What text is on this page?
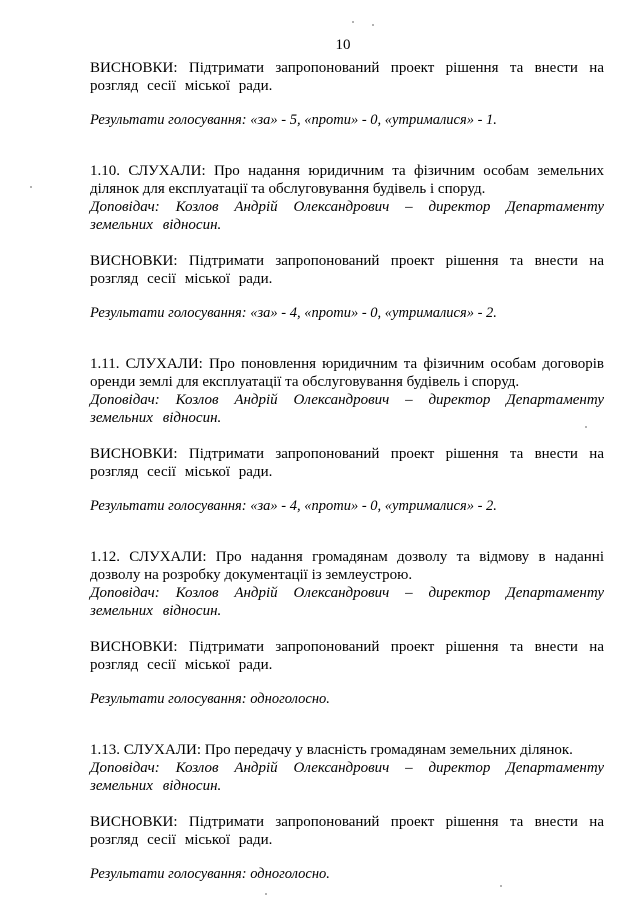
10

ВИСНОВКИ: Підтримати запропонований проект рішення та внести на розгляд сесії міської ради.

Результати голосування: «за» - 5, «проти» - 0, «утрималися» - 1.

1.10. СЛУХАЛИ: Про надання юридичним та фізичним особам земельних ділянок для експлуатації та обслуговування будівель і споруд.

Доповідач: Козлов Андрій Олександрович – директор Департаменту земельних відносин.

ВИСНОВКИ: Підтримати запропонований проект рішення та внести на розгляд сесії міської ради.

Результати голосування: «за» - 4, «проти» - 0, «утрималися» - 2.

1.11. СЛУХАЛИ: Про поновлення юридичним та фізичним особам договорів оренди землі для експлуатації та обслуговування будівель і споруд.

Доповідач: Козлов Андрій Олександрович – директор Департаменту земельних відносин.

ВИСНОВКИ: Підтримати запропонований проект рішення та внести на розгляд сесії міської ради.

Результати голосування: «за» - 4, «проти» - 0, «утрималися» - 2.

1.12. СЛУХАЛИ: Про надання громадянам дозволу та відмову в наданні дозволу на розробку документації із землеустрою.

Доповідач: Козлов Андрій Олександрович – директор Департаменту земельних відносин.

ВИСНОВКИ: Підтримати запропонований проект рішення та внести на розгляд сесії міської ради.

Результати голосування: одноголосно.

1.13. СЛУХАЛИ: Про передачу у власність громадянам земельних ділянок.

Доповідач: Козлов Андрій Олександрович – директор Департаменту земельних відносин.

ВИСНОВКИ: Підтримати запропонований проект рішення та внести на розгляд сесії міської ради.

Результати голосування: одноголосно.
